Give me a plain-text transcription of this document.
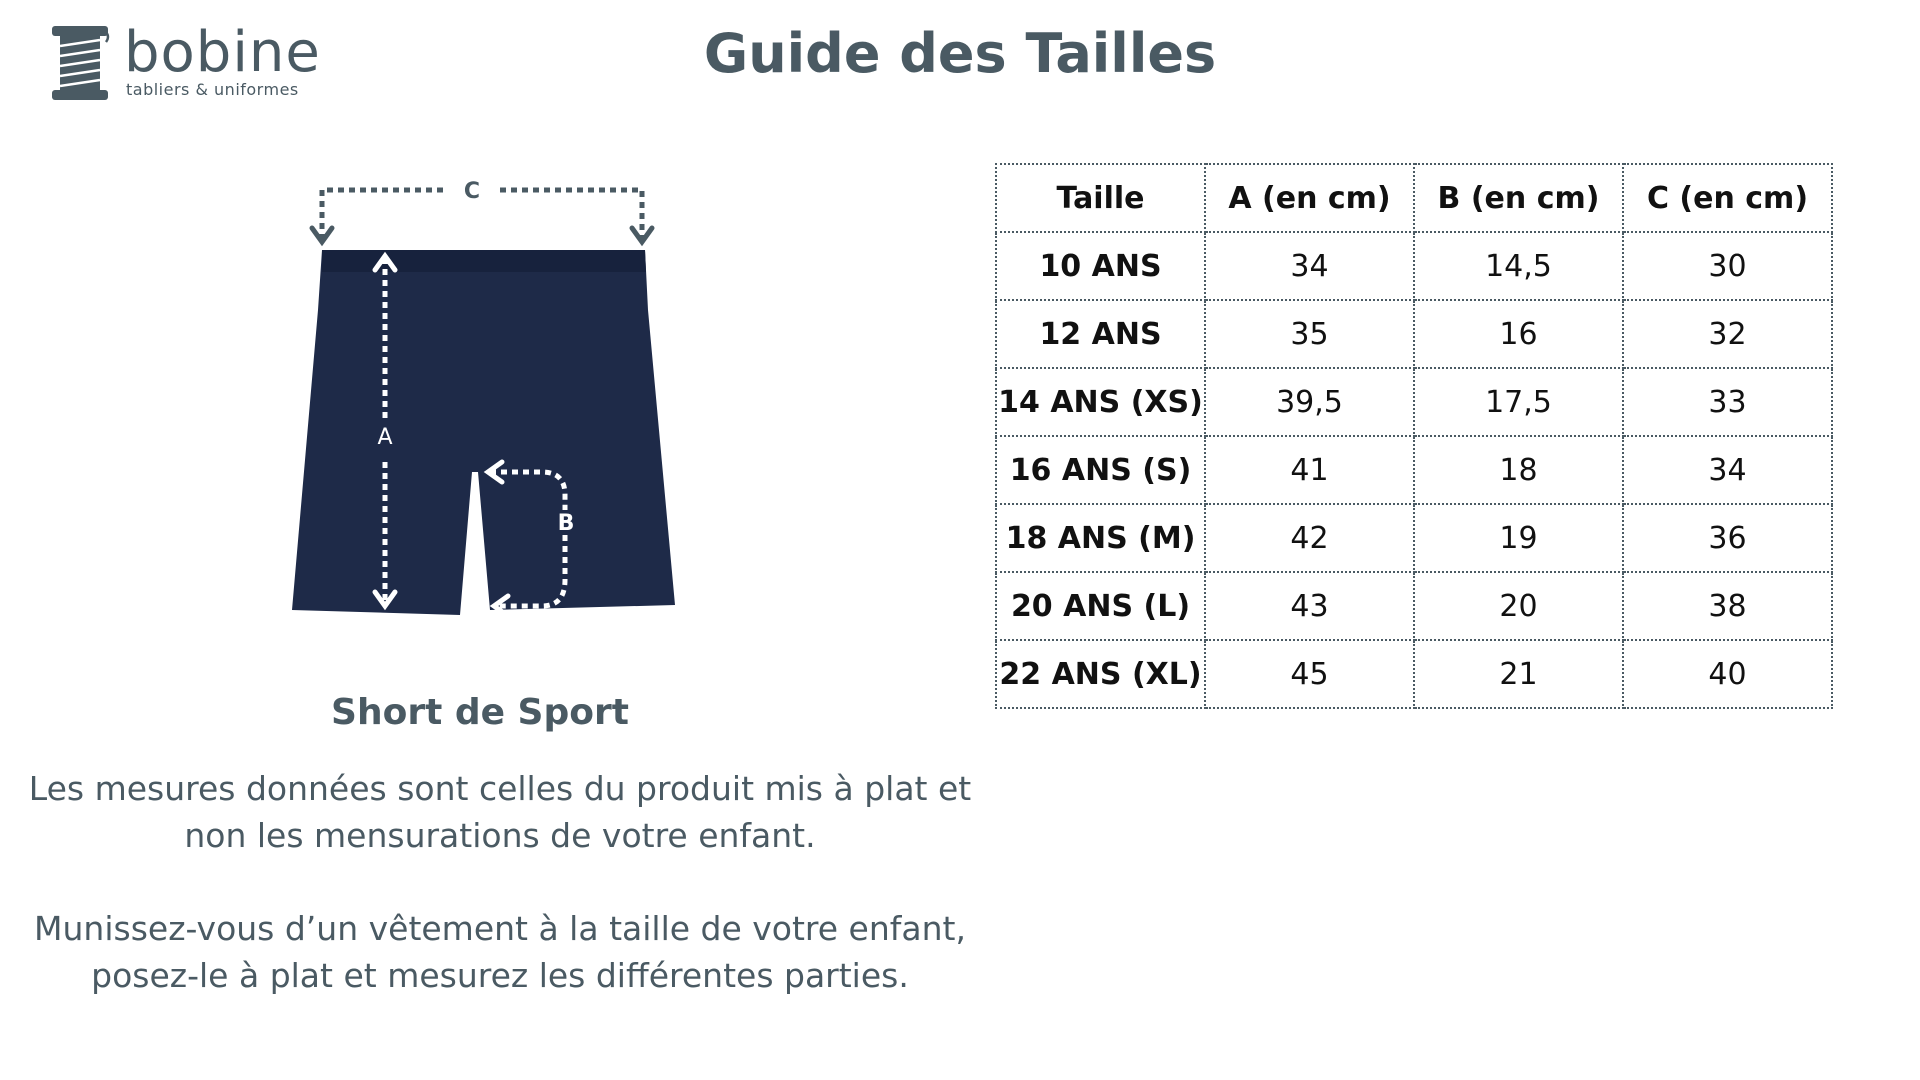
bobine
tabliers & uniformes
Guide des Tailles
C
A
B
Short de Sport
Les mesures données sont celles du produit mis à plat et
non les mensurations de votre enfant.
Munissez-vous d’un vêtement à la taille de votre enfant,
posez-le à plat et mesurez les différentes parties.
Taille	A (en cm)	B (en cm)	C (en cm)
10 ANS	34	14,5	30
12 ANS	35	16	32
14 ANS (XS)	39,5	17,5	33
16 ANS (S)	41	18	34
18 ANS (M)	42	19	36
20 ANS (L)	43	20	38
22 ANS (XL)	45	21	40
